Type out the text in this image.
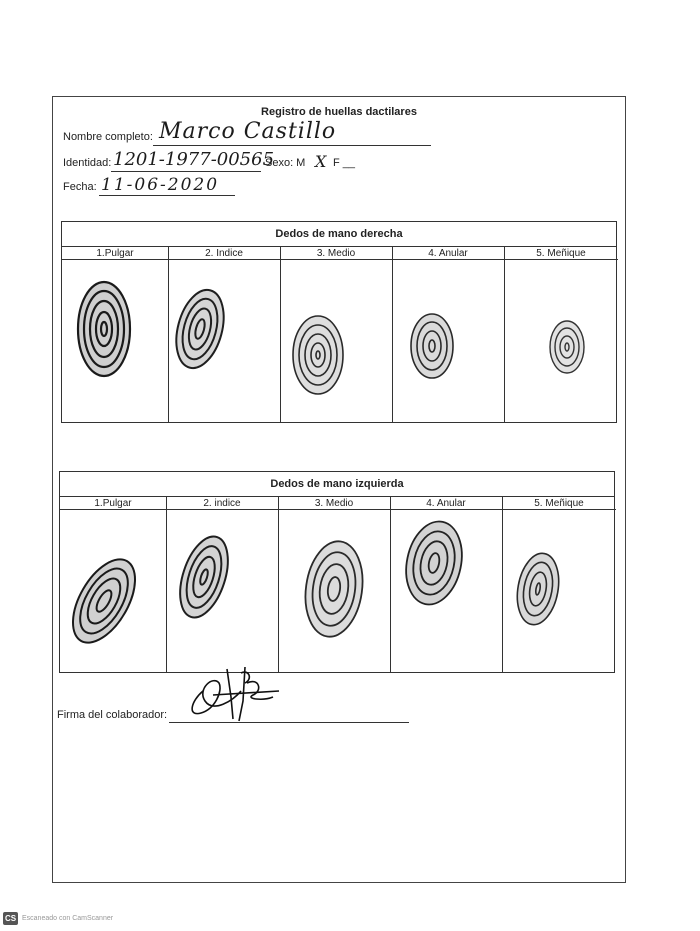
Registro de huellas dactilares
Nombre completo: Marco Castillo
Identidad: 1201-1977-00565
Sexo: M X F __
Fecha: 11-06-2020
Dedos de mano derecha
1.Pulgar	2. Indice	3. Medio	4. Anular	5. Meñique
Dedos de mano izquierda
1.Pulgar	2. indice	3. Medio	4. Anular	5. Meñique
Firma del colaborador:
CS Escaneado con CamScanner
